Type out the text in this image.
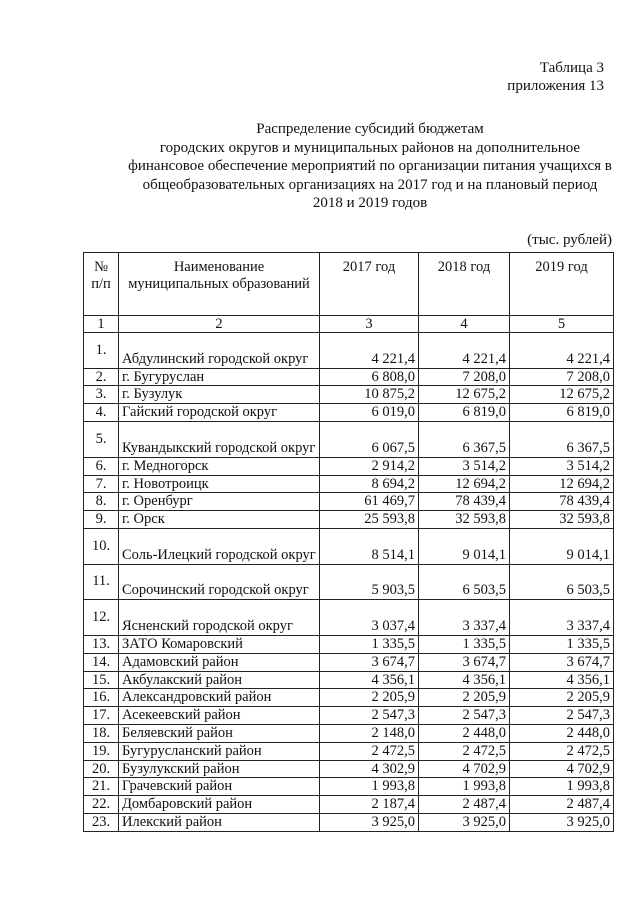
Таблица 3
приложения 13
Распределение субсидий бюджетам
городских округов и муниципальных районов на дополнительное
финансовое обеспечение мероприятий по организации питания учащихся в
общеобразовательных организациях на 2017 год и на плановый период
2018 и 2019 годов
(тыс. рублей)
№ п/п	Наименование муниципальных образований	2017 год	2018 год	2019 год
1	2	3	4	5
1.	Абдулинский городской округ	4 221,4	4 221,4	4 221,4
2.	г. Бугуруслан	6 808,0	7 208,0	7 208,0
3.	г. Бузулук	10 875,2	12 675,2	12 675,2
4.	Гайский городской округ	6 019,0	6 819,0	6 819,0
5.	Кувандыкский городской округ	6 067,5	6 367,5	6 367,5
6.	г. Медногорск	2 914,2	3 514,2	3 514,2
7.	г. Новотроицк	8 694,2	12 694,2	12 694,2
8.	г. Оренбург	61 469,7	78 439,4	78 439,4
9.	г. Орск	25 593,8	32 593,8	32 593,8
10.	Соль-Илецкий городской округ	8 514,1	9 014,1	9 014,1
11.	Сорочинский городской округ	5 903,5	6 503,5	6 503,5
12.	Ясненский городской округ	3 037,4	3 337,4	3 337,4
13.	ЗАТО Комаровский	1 335,5	1 335,5	1 335,5
14.	Адамовский район	3 674,7	3 674,7	3 674,7
15.	Акбулакский район	4 356,1	4 356,1	4 356,1
16.	Александровский район	2 205,9	2 205,9	2 205,9
17.	Асекеевский район	2 547,3	2 547,3	2 547,3
18.	Беляевский район	2 148,0	2 448,0	2 448,0
19.	Бугурусланский район	2 472,5	2 472,5	2 472,5
20.	Бузулукский район	4 302,9	4 702,9	4 702,9
21.	Грачевский район	1 993,8	1 993,8	1 993,8
22.	Домбаровский район	2 187,4	2 487,4	2 487,4
23.	Илекский район	3 925,0	3 925,0	3 925,0
